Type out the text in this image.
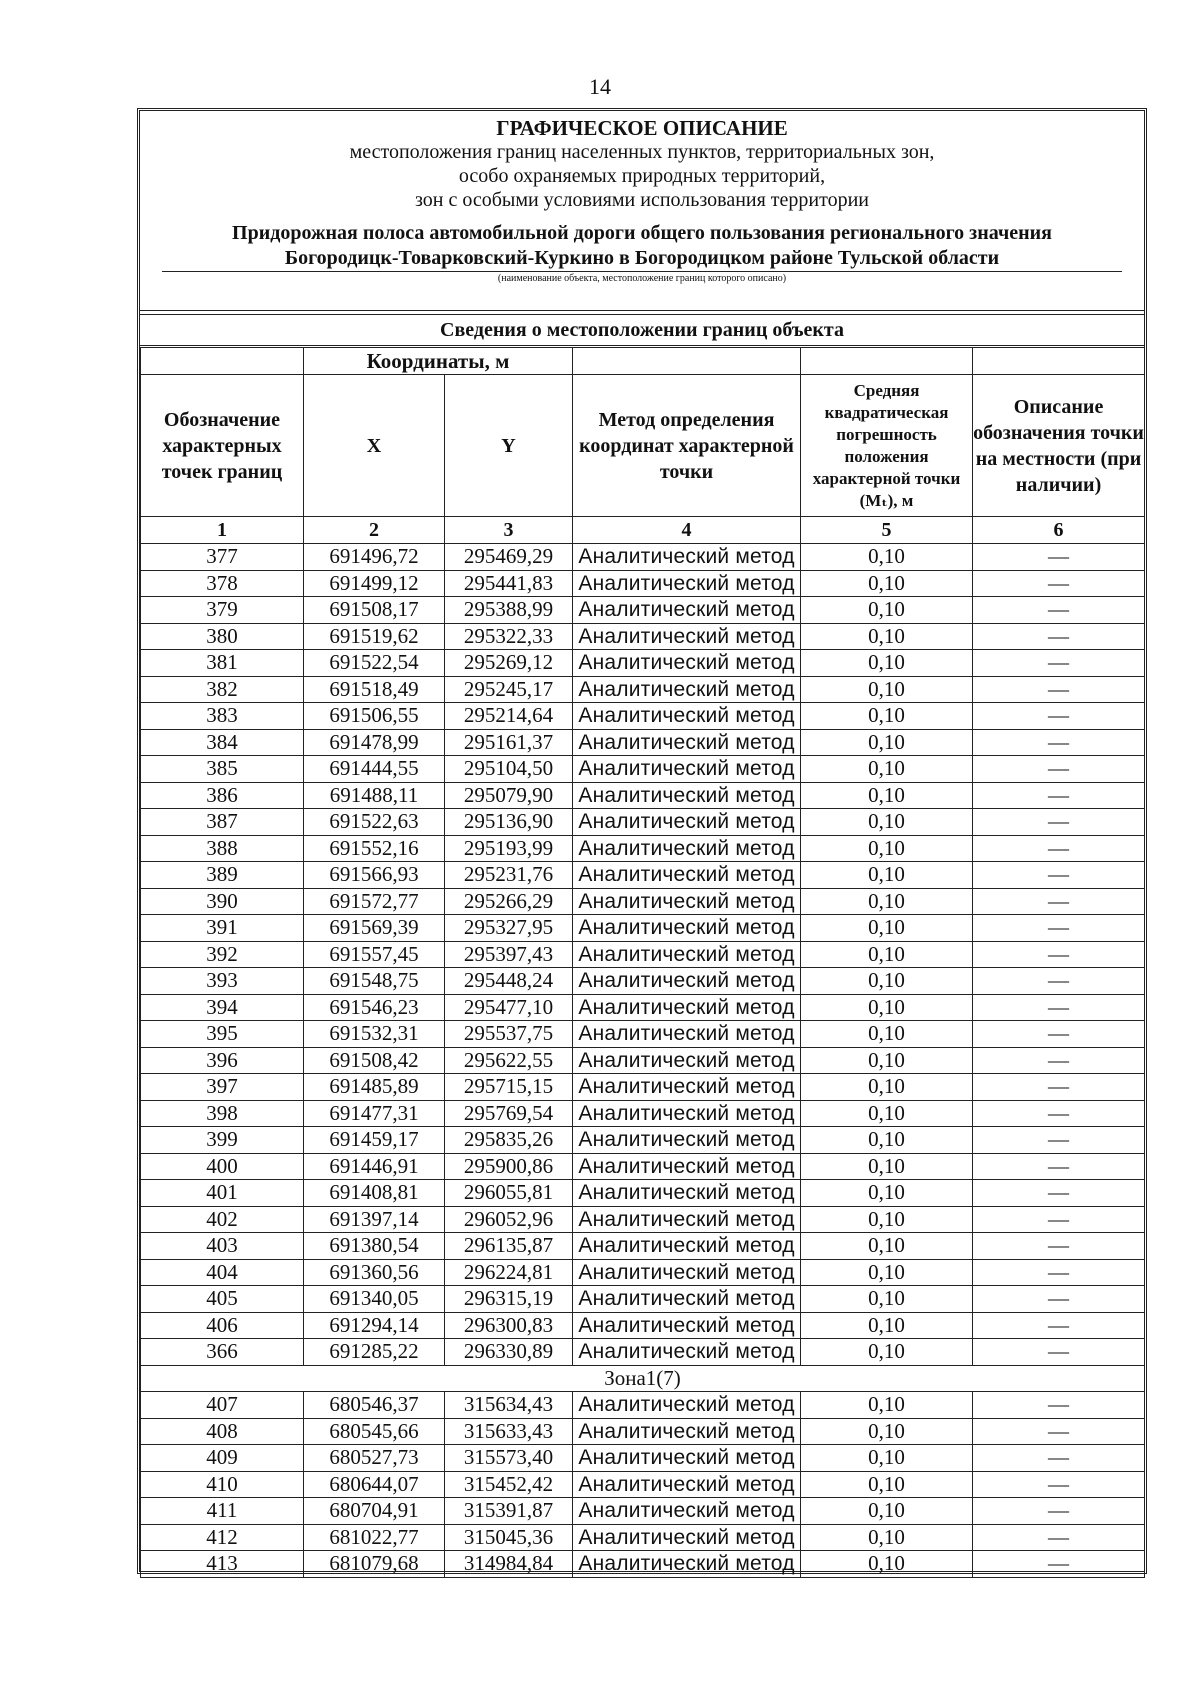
14
ГРАФИЧЕСКОЕ ОПИСАНИЕ
местоположения границ населенных пунктов, территориальных зон,
особо охраняемых природных территорий,
зон с особыми условиями использования территории
Придорожная полоса автомобильной дороги общего пользования регионального значения
Богородицк-Товарковский-Куркино в Богородицком районе Тульской области
(наименование объекта, местоположение границ которого описано)
Сведения о местоположении границ объекта
	Координаты, м				
Обозначение характерных точек границ	X	Y	Метод определения координат характерной точки	Средняя квадратическая погрешность положения характерной точки (Mₜ), м	Описание обозначения точки на местности (при наличии)
1	2	3	4	5	6
377	691496,72	295469,29	Аналитический метод	0,10	—
378	691499,12	295441,83	Аналитический метод	0,10	—
379	691508,17	295388,99	Аналитический метод	0,10	—
380	691519,62	295322,33	Аналитический метод	0,10	—
381	691522,54	295269,12	Аналитический метод	0,10	—
382	691518,49	295245,17	Аналитический метод	0,10	—
383	691506,55	295214,64	Аналитический метод	0,10	—
384	691478,99	295161,37	Аналитический метод	0,10	—
385	691444,55	295104,50	Аналитический метод	0,10	—
386	691488,11	295079,90	Аналитический метод	0,10	—
387	691522,63	295136,90	Аналитический метод	0,10	—
388	691552,16	295193,99	Аналитический метод	0,10	—
389	691566,93	295231,76	Аналитический метод	0,10	—
390	691572,77	295266,29	Аналитический метод	0,10	—
391	691569,39	295327,95	Аналитический метод	0,10	—
392	691557,45	295397,43	Аналитический метод	0,10	—
393	691548,75	295448,24	Аналитический метод	0,10	—
394	691546,23	295477,10	Аналитический метод	0,10	—
395	691532,31	295537,75	Аналитический метод	0,10	—
396	691508,42	295622,55	Аналитический метод	0,10	—
397	691485,89	295715,15	Аналитический метод	0,10	—
398	691477,31	295769,54	Аналитический метод	0,10	—
399	691459,17	295835,26	Аналитический метод	0,10	—
400	691446,91	295900,86	Аналитический метод	0,10	—
401	691408,81	296055,81	Аналитический метод	0,10	—
402	691397,14	296052,96	Аналитический метод	0,10	—
403	691380,54	296135,87	Аналитический метод	0,10	—
404	691360,56	296224,81	Аналитический метод	0,10	—
405	691340,05	296315,19	Аналитический метод	0,10	—
406	691294,14	296300,83	Аналитический метод	0,10	—
366	691285,22	296330,89	Аналитический метод	0,10	—
Зона1(7)					
407	680546,37	315634,43	Аналитический метод	0,10	—
408	680545,66	315633,43	Аналитический метод	0,10	—
409	680527,73	315573,40	Аналитический метод	0,10	—
410	680644,07	315452,42	Аналитический метод	0,10	—
411	680704,91	315391,87	Аналитический метод	0,10	—
412	681022,77	315045,36	Аналитический метод	0,10	—
413	681079,68	314984,84	Аналитический метод	0,10	—
